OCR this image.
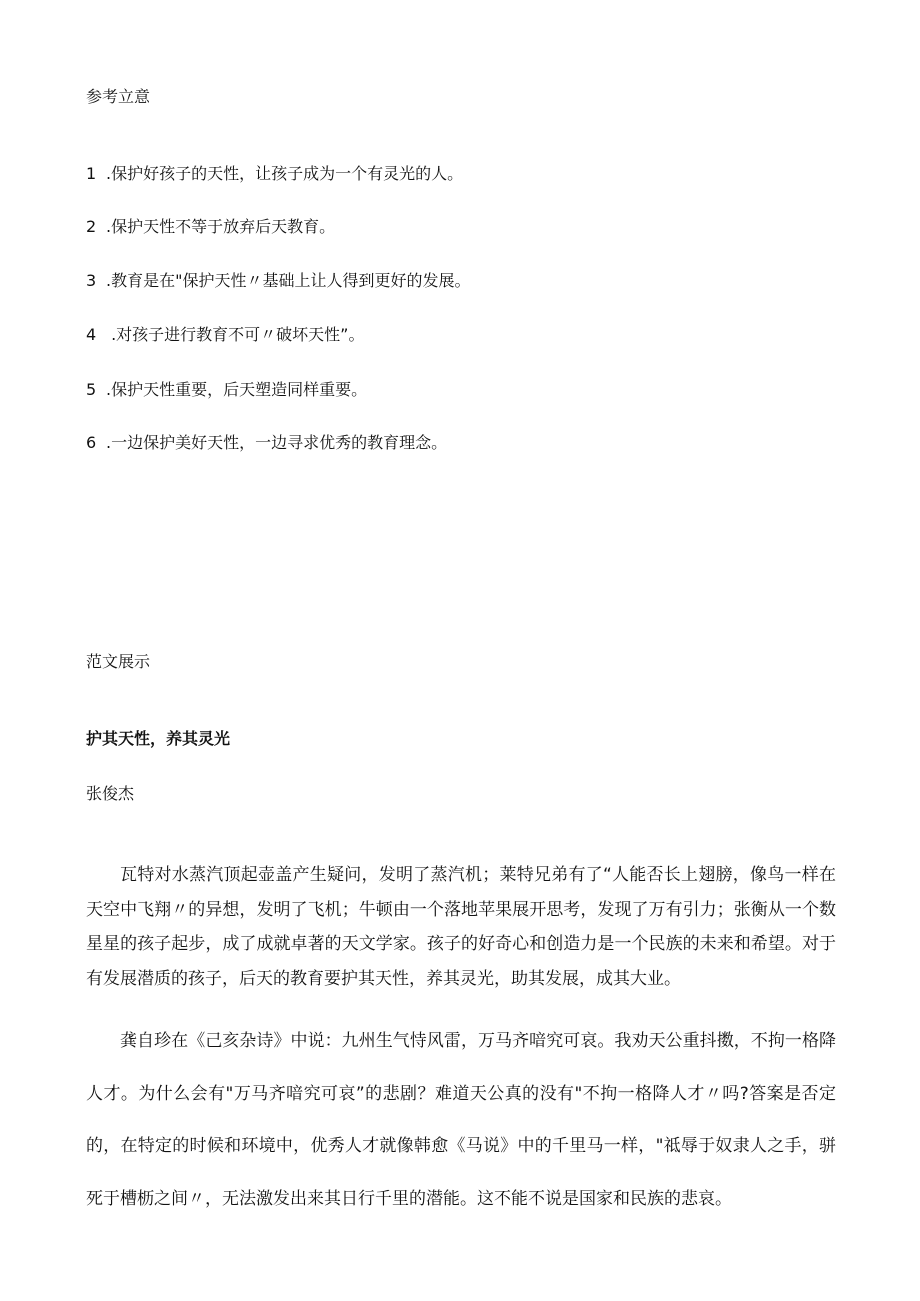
参考立意
1 .保护好孩子的天性，让孩子成为一个有灵光的人。
2 .保护天性不等于放弃后天教育。
3 .教育是在"保护天性〃基础上让人得到更好的发展。
4 .对孩子进行教育不可〃破坏天性”。
5 .保护天性重要，后天塑造同样重要。
6 .一边保护美好天性，一边寻求优秀的教育理念。
范文展示
护其天性，养其灵光
张俊杰

瓦特对水蒸汽顶起壶盖产生疑问，发明了蒸汽机；莱特兄弟有了“人能否长上翅膀，像鸟一样在天空中飞翔〃的异想，发明了飞机；牛顿由一个落地苹果展开思考，发现了万有引力；张衡从一个数星星的孩子起步，成了成就卓著的天文学家。孩子的好奇心和创造力是一个民族的未来和希望。对于有发展潜质的孩子，后天的教育要护其天性，养其灵光，助其发展，成其大业。

龚自珍在《己亥杂诗》中说：九州生气恃风雷，万马齐喑究可哀。我劝天公重抖擞，不拘一格降人才。为什么会有"万马齐喑究可哀”的悲剧？难道天公真的没有"不拘一格降人才〃吗?答案是否定的，在特定的时候和环境中，优秀人才就像韩愈《马说》中的千里马一样，"祗辱于奴隶人之手，骈死于槽枥之间〃，无法激发出来其日行千里的潜能。这不能不说是国家和民族的悲哀。
